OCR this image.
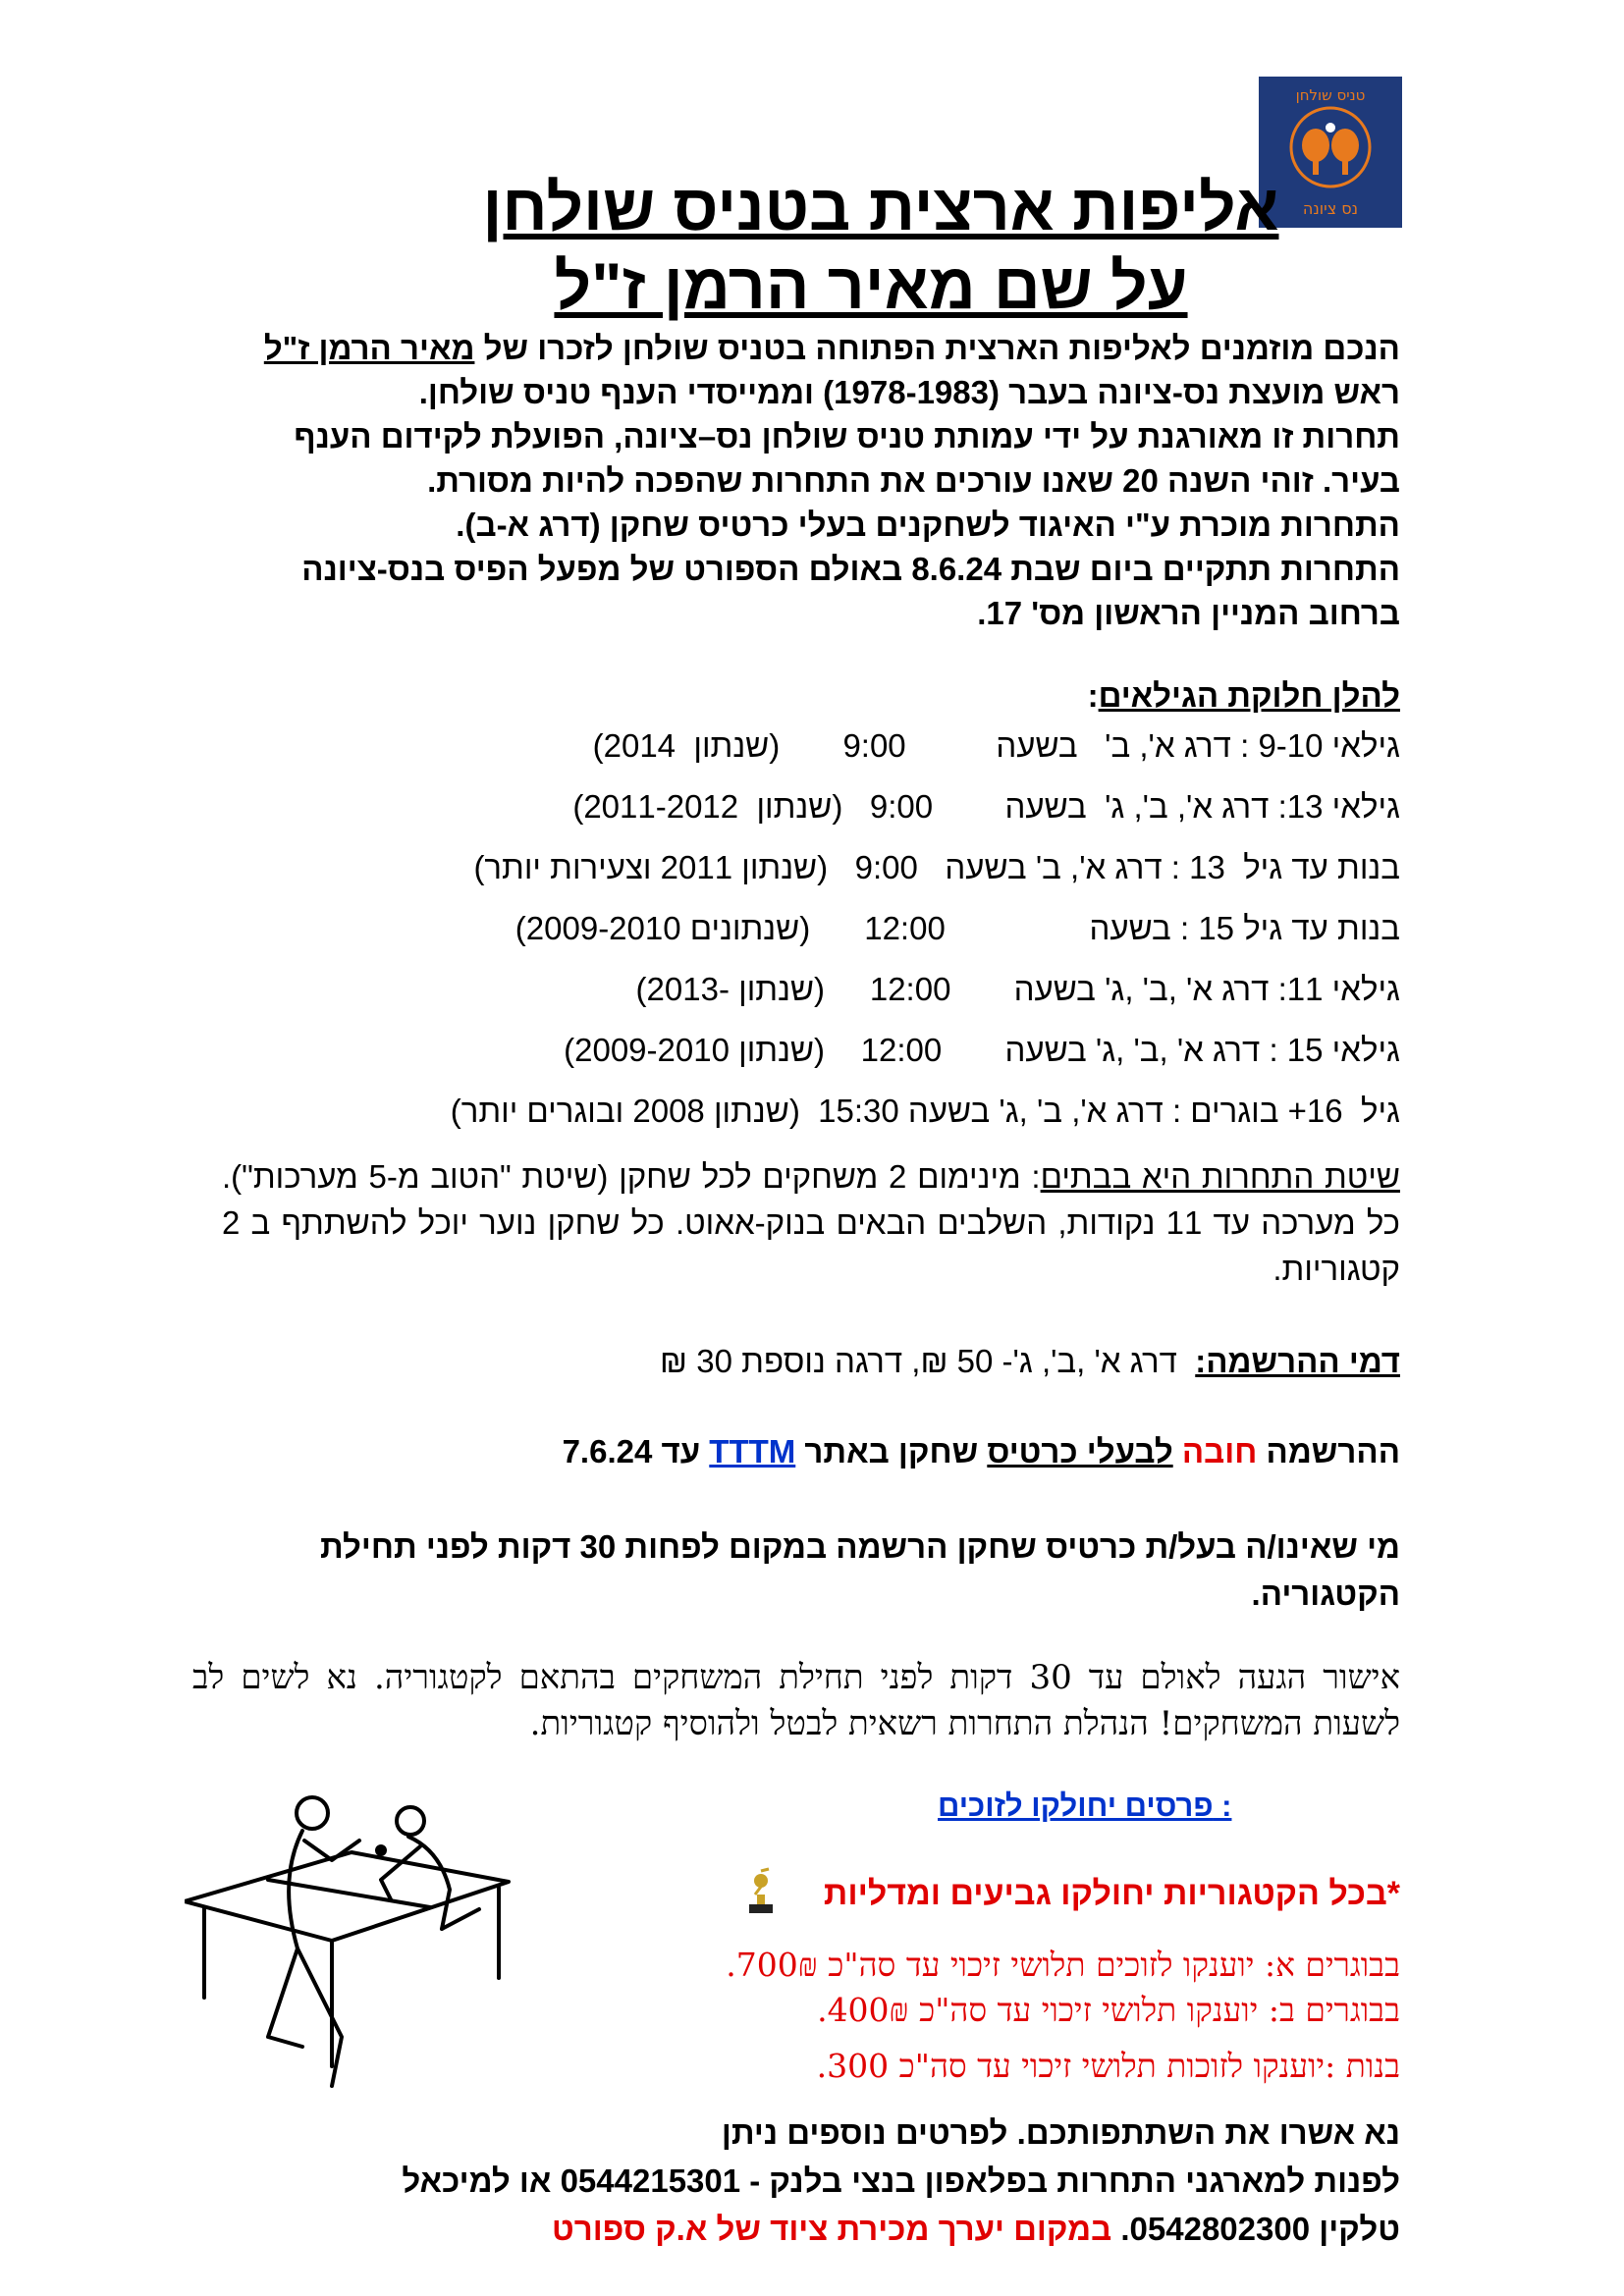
טניס שולחן
נס ציונה
אליפות ארצית בטניס שולחן
על שם מאיר הרמן ז"ל

הנכם מוזמנים לאליפות הארצית הפתוחה בטניס שולחן לזכרו של מאיר הרמן ז"ל ראש מועצת נס-ציונה בעבר (1978-1983) וממייסדי הענף טניס שולחן.

תחרות זו מאורגנת על ידי עמותת טניס שולחן נס–ציונה, הפועלת לקידום הענף בעיר. זוהי השנה 20 שאנו עורכים את התחרות שהפכה להיות מסורת.

התחרות מוכרת ע"י האיגוד לשחקנים בעלי כרטיס שחקן (דרג א-ב).

התחרות תתקיים ביום שבת 8.6.24 באולם הספורט של מפעל הפיס בנס-ציונה ברחוב המניין הראשון מס' 17.

להלן חלוקת הגילאים:
גילאי 9-10 : דרג א', ב'   בשעה          9:00       (שנתון  2014)
גילאי 13: דרג א', ב', ג'  בשעה        9:00   (שנתון  2011-2012)
בנות עד גיל  13 : דרג א', ב' בשעה   9:00   (שנתון 2011 וצעירות יותר)
בנות עד גיל 15 : בשעה                12:00      (שנתונים 2009-2010)
גילאי 11: דרג א' ,ב' ,ג' בשעה       12:00     (שנתון -2013)
גילאי 15 : דרג א' ,ב' ,ג' בשעה       12:00    (שנתון 2009-2010)
גיל  16+ בוגרים : דרג א', ב' ,ג' בשעה 15:30  (שנתון 2008 ובוגרים יותר)
שיטת התחרות היא בבתים: מינימום 2 משחקים לכל שחקן (שיטת "הטוב מ-5 מערכות"). כל מערכה עד 11 נקודות, השלבים הבאים בנוק-אאוט. כל שחקן נוער יוכל להשתתף ב 2 קטגוריות.
דמי ההרשמה:  דרג א' ,ב', ג'- 50 ₪, דרגה נוספת 30 ₪
ההרשמה חובה לבעלי כרטיס שחקן באתר TTTM עד 7.6.24
מי שאינו/ה בעל/ת כרטיס שחקן הרשמה במקום לפחות 30 דקות לפני תחילת הקטגוריה.
אישור הגעה לאולם עד 30 דקות לפני תחילת המשחקים בהתאם לקטגוריה. נא לשים לב לשעות המשחקים! הנהלת התחרות רשאית לבטל ולהוסיף קטגוריות.
פרסים יחולקו לזוכים :
*בכל הקטגוריות יחולקו גביעים ומדליות
בבוגרים א: יוענקו לזוכים תלושי זיכוי עד סה"כ 700₪.
בבוגרים ב: יוענקו תלושי זיכוי עד סה"כ 400₪.
בנות :יוענקו לזוכות תלושי זיכוי עד סה"כ 300.
נא אשרו את השתתפותכם. לפרטים נוספים ניתן
לפנות למארגני התחרות בפלאפון בנצי בלנק - 0544215301 או למיכאל
טלקין 0542802300. במקום יערך מכירת ציוד של א.ק ספורט
